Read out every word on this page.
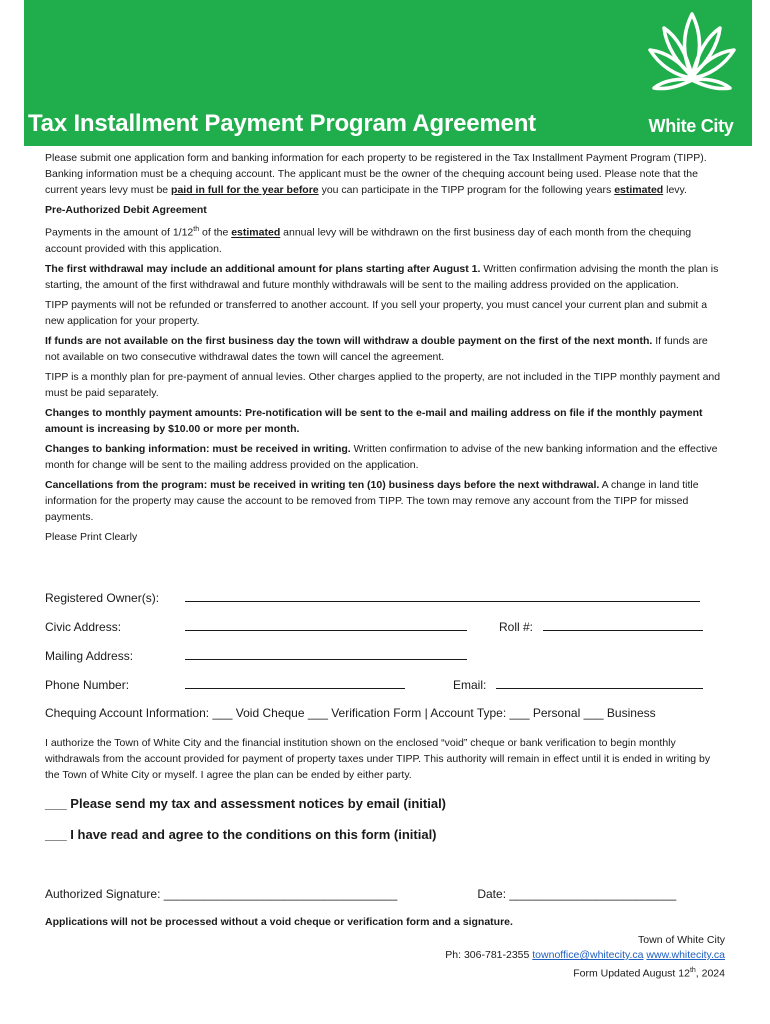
Tax Installment Payment Program Agreement	White City

Please submit one application form and banking information for each property to be registered in the Tax Installment Payment Program (TIPP). Banking information must be a chequing account. The applicant must be the owner of the chequing account being used. Please note that the current years levy must be paid in full for the year before you can participate in the TIPP program for the following years estimated levy.

Pre-Authorized Debit Agreement

Payments in the amount of 1/12th of the estimated annual levy will be withdrawn on the first business day of each month from the chequing account provided with this application.

The first withdrawal may include an additional amount for plans starting after August 1. Written confirmation advising the month the plan is starting, the amount of the first withdrawal and future monthly withdrawals will be sent to the mailing address provided on the application.

TIPP payments will not be refunded or transferred to another account. If you sell your property, you must cancel your current plan and submit a new application for your property.

If funds are not available on the first business day the town will withdraw a double payment on the first of the next month. If funds are not available on two consecutive withdrawal dates the town will cancel the agreement.

TIPP is a monthly plan for pre-payment of annual levies. Other charges applied to the property, are not included in the TIPP monthly payment and must be paid separately.

Changes to monthly payment amounts: Pre-notification will be sent to the e-mail and mailing address on file if the monthly payment amount is increasing by $10.00 or more per month.

Changes to banking information: must be received in writing. Written confirmation to advise of the new banking information and the effective month for change will be sent to the mailing address provided on the application.

Cancellations from the program: must be received in writing ten (10) business days before the next withdrawal. A change in land title information for the property may cause the account to be removed from TIPP. The town may remove any account from the TIPP for missed payments.

Please Print Clearly

Registered Owner(s):
Civic Address:	Roll #:
Mailing Address:
Phone Number:	Email:
Chequing Account Information: ___ Void Cheque ___ Verification Form | Account Type: ___ Personal ___ Business

I authorize the Town of White City and the financial institution shown on the enclosed “void” cheque or bank verification to begin monthly withdrawals from the account provided for payment of property taxes under TIPP. This authority will remain in effect until it is ended in writing by the Town of White City or myself. I agree the plan can be ended by either party.

___ Please send my tax and assessment notices by email (initial)
___ I have read and agree to the conditions on this form (initial)
Authorized Signature: ___________________________________	Date: _________________________
Applications will not be processed without a void cheque or verification form and a signature.
Town of White City
Ph: 306-781-2355 townoffice@whitecity.ca www.whitecity.ca
Form Updated August 12th, 2024
